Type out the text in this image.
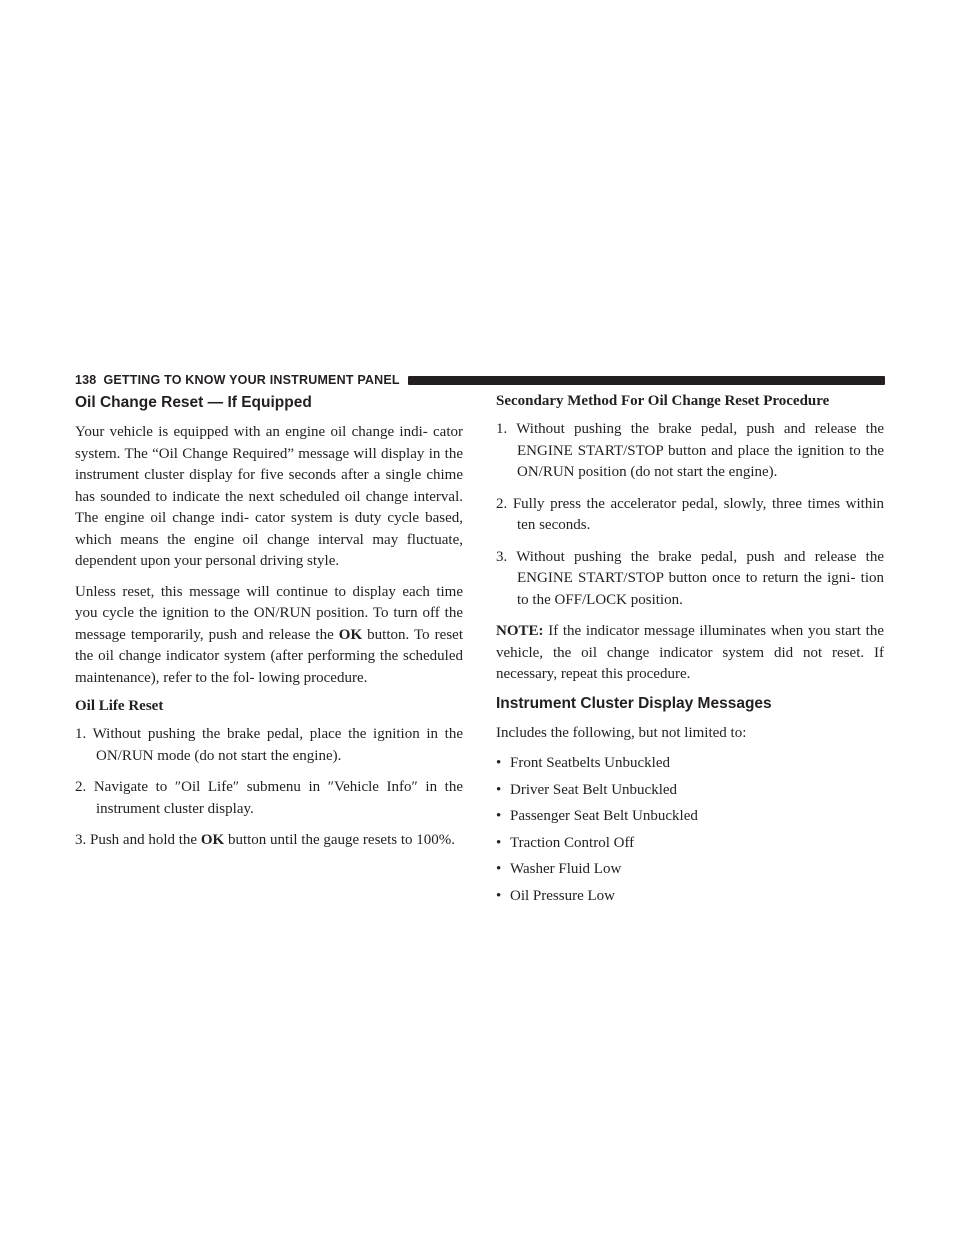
138 GETTING TO KNOW YOUR INSTRUMENT PANEL
Oil Change Reset — If Equipped

Your vehicle is equipped with an engine oil change indi- cator system. The “Oil Change Required” message will display in the instrument cluster display for five seconds after a single chime has sounded to indicate the next scheduled oil change interval. The engine oil change indi- cator system is duty cycle based, which means the engine oil change interval may fluctuate, dependent upon your personal driving style.

Unless reset, this message will continue to display each time you cycle the ignition to the ON/RUN position. To turn off the message temporarily, push and release the OK button. To reset the oil change indicator system (after performing the scheduled maintenance), refer to the fol- lowing procedure.

Oil Life Reset
1. Without pushing the brake pedal, place the ignition in the ON/RUN mode (do not start the engine).
2. Navigate to ″Oil Life″ submenu in ″Vehicle Info″ in the instrument cluster display.
3. Push and hold the OK button until the gauge resets to 100%.
Secondary Method For Oil Change Reset Procedure
1. Without pushing the brake pedal, push and release the ENGINE START/STOP button and place the ignition to the ON/RUN position (do not start the engine).
2. Fully press the accelerator pedal, slowly, three times within ten seconds.
3. Without pushing the brake pedal, push and release the ENGINE START/STOP button once to return the igni- tion to the OFF/LOCK position.

NOTE: If the indicator message illuminates when you start the vehicle, the oil change indicator system did not reset. If necessary, repeat this procedure.

Instrument Cluster Display Messages

Includes the following, but not limited to:

• Front Seatbelts Unbuckled
• Driver Seat Belt Unbuckled
• Passenger Seat Belt Unbuckled
• Traction Control Off
• Washer Fluid Low
• Oil Pressure Low
